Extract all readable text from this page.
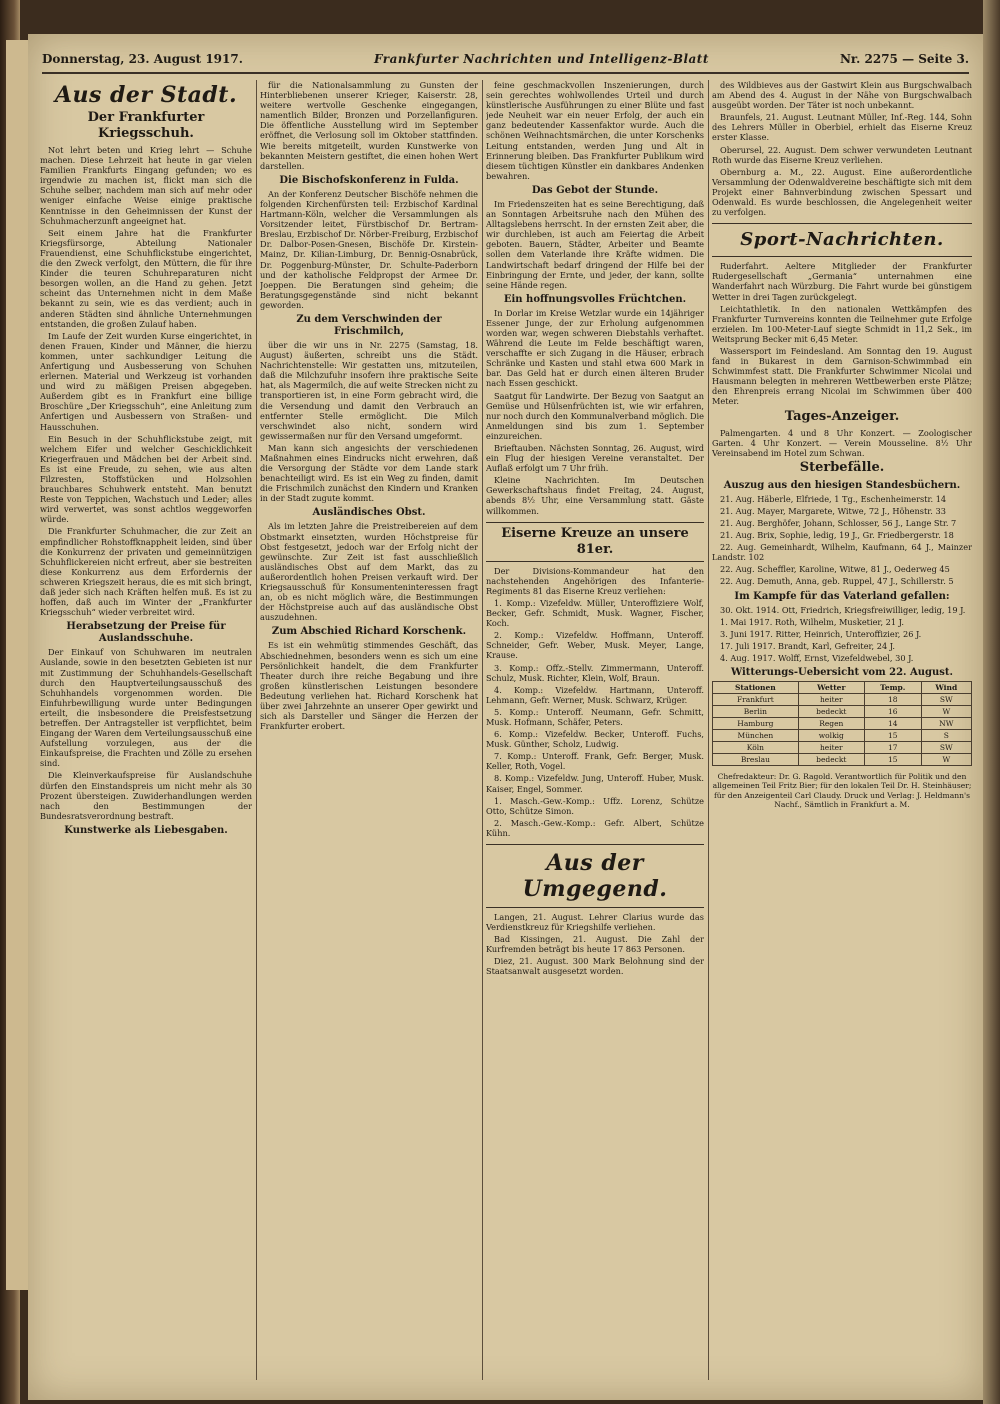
Donnerstag, 23. August 1917.	Frankfurter Nachrichten und Intelligenz-Blatt	Nr. 2275 — Seite 3.
Aus der Stadt.
Der Frankfurter Kriegsschuh.

Not lehrt beten und Krieg lehrt — Schuhe machen. Diese Lehrzeit hat heute in gar vielen Familien Frankfurts Eingang gefunden; wo es irgendwie zu machen ist, flickt man sich die Schuhe selber, nachdem man sich auf mehr oder weniger einfache Weise einige praktische Kenntnisse in den Geheimnissen der Kunst der Schuhmacherzunft angeeignet hat.

Seit einem Jahre hat die Frankfurter Kriegsfürsorge, Abteilung Nationaler Frauendienst, eine Schuhflickstube eingerichtet, die den Zweck verfolgt, den Müttern, die für ihre Kinder die teuren Schuhreparaturen nicht besorgen wollen, an die Hand zu gehen. Jetzt scheint das Unternehmen nicht in dem Maße bekannt zu sein, wie es das verdient; auch in anderen Städten sind ähnliche Unternehmungen entstanden, die großen Zulauf haben.

Im Laufe der Zeit wurden Kurse eingerichtet, in denen Frauen, Kinder und Männer, die hierzu kommen, unter sachkundiger Leitung die Anfertigung und Ausbesserung von Schuhen erlernen. Material und Werkzeug ist vorhanden und wird zu mäßigen Preisen abgegeben. Außerdem gibt es in Frankfurt eine billige Broschüre „Der Kriegsschuh“, eine Anleitung zum Anfertigen und Ausbessern von Straßen- und Hausschuhen.

Ein Besuch in der Schuhflickstube zeigt, mit welchem Eifer und welcher Geschicklichkeit Kriegerfrauen und Mädchen bei der Arbeit sind. Es ist eine Freude, zu sehen, wie aus alten Filzresten, Stoffstücken und Holzsohlen brauchbares Schuhwerk entsteht. Man benutzt Reste von Teppichen, Wachstuch und Leder; alles wird verwertet, was sonst achtlos weggeworfen würde.

Die Frankfurter Schuhmacher, die zur Zeit an empfindlicher Rohstoffknappheit leiden, sind über die Konkurrenz der privaten und gemeinnützigen Schuhflickereien nicht erfreut, aber sie bestreiten diese Konkurrenz aus dem Erfordernis der schweren Kriegszeit heraus, die es mit sich bringt, daß jeder sich nach Kräften helfen muß. Es ist zu hoffen, daß auch im Winter der „Frankfurter Kriegsschuh“ wieder verbreitet wird.

Herabsetzung der Preise für Auslandsschuhe.

Der Einkauf von Schuhwaren im neutralen Auslande, sowie in den besetzten Gebieten ist nur mit Zustimmung der Schuhhandels-Gesellschaft durch den Hauptverteilungsausschuß des Schuhhandels vorgenommen worden. Die Einfuhrbewilligung wurde unter Bedingungen erteilt, die insbesondere die Preisfestsetzung betreffen. Der Antragsteller ist verpflichtet, beim Eingang der Waren dem Verteilungsausschuß eine Aufstellung vorzulegen, aus der die Einkaufspreise, die Frachten und Zölle zu ersehen sind.

Die Kleinverkaufspreise für Auslandschuhe dürfen den Einstandspreis um nicht mehr als 30 Prozent übersteigen. Zuwiderhandlungen werden nach den Bestimmungen der Bundesratsverordnung bestraft.

Kunstwerke als Liebesgaben.

für die Nationalsammlung zu Gunsten der Hinterbliebenen unserer Krieger, Kaiserstr. 28, weitere wertvolle Geschenke eingegangen, namentlich Bilder, Bronzen und Porzellanfiguren. Die öffentliche Ausstellung wird im September eröffnet, die Verlosung soll im Oktober stattfinden. Wie bereits mitgeteilt, wurden Kunstwerke von bekannten Meistern gestiftet, die einen hohen Wert darstellen.

Die Bischofskonferenz in Fulda.

An der Konferenz Deutscher Bischöfe nehmen die folgenden Kirchenfürsten teil: Erzbischof Kardinal Hartmann-Köln, welcher die Versammlungen als Vorsitzender leitet, Fürstbischof Dr. Bertram-Breslau, Erzbischof Dr. Nörber-Freiburg, Erzbischof Dr. Dalbor-Posen-Gnesen, Bischöfe Dr. Kirstein-Mainz, Dr. Kilian-Limburg, Dr. Bennig-Osnabrück, Dr. Poggenburg-Münster, Dr. Schulte-Paderborn und der katholische Feldpropst der Armee Dr. Joeppen. Die Beratungen sind geheim; die Beratungsgegenstände sind nicht bekannt geworden.

Zu dem Verschwinden der Frischmilch,

über die wir uns in Nr. 2275 (Samstag, 18. August) äußerten, schreibt uns die Städt. Nachrichtenstelle: Wir gestatten uns, mitzuteilen, daß die Milchzufuhr insofern ihre praktische Seite hat, als Magermilch, die auf weite Strecken nicht zu transportieren ist, in eine Form gebracht wird, die die Versendung und damit den Verbrauch an entfernter Stelle ermöglicht. Die Milch verschwindet also nicht, sondern wird gewissermaßen nur für den Versand umgeformt.

Man kann sich angesichts der verschiedenen Maßnahmen eines Eindrucks nicht erwehren, daß die Versorgung der Städte vor dem Lande stark benachteiligt wird. Es ist ein Weg zu finden, damit die Frischmilch zunächst den Kindern und Kranken in der Stadt zugute kommt.

Ausländisches Obst.

Als im letzten Jahre die Preistreibereien auf dem Obstmarkt einsetzten, wurden Höchstpreise für Obst festgesetzt, jedoch war der Erfolg nicht der gewünschte. Zur Zeit ist fast ausschließlich ausländisches Obst auf dem Markt, das zu außerordentlich hohen Preisen verkauft wird. Der Kriegsausschuß für Konsumenteninteressen fragt an, ob es nicht möglich wäre, die Bestimmungen der Höchstpreise auch auf das ausländische Obst auszudehnen.

Zum Abschied Richard Korschenk.

Es ist ein wehmütig stimmendes Geschäft, das Abschiednehmen, besonders wenn es sich um eine Persönlichkeit handelt, die dem Frankfurter Theater durch ihre reiche Begabung und ihre großen künstlerischen Leistungen besondere Bedeutung verliehen hat. Richard Korschenk hat über zwei Jahrzehnte an unserer Oper gewirkt und sich als Darsteller und Sänger die Herzen der Frankfurter erobert.

feine geschmackvollen Inszenierungen, durch sein gerechtes wohlwollendes Urteil und durch künstlerische Ausführungen zu einer Blüte und fast jede Neuheit war ein neuer Erfolg, der auch ein ganz bedeutender Kassenfaktor wurde. Auch die schönen Weihnachtsmärchen, die unter Korschenks Leitung entstanden, werden Jung und Alt in Erinnerung bleiben. Das Frankfurter Publikum wird diesem tüchtigen Künstler ein dankbares Andenken bewahren.

Das Gebot der Stunde.

Im Friedenszeiten hat es seine Berechtigung, daß an Sonntagen Arbeitsruhe nach den Mühen des Alltagslebens herrscht. In der ernsten Zeit aber, die wir durchleben, ist auch am Feiertag die Arbeit geboten. Bauern, Städter, Arbeiter und Beamte sollen dem Vaterlande ihre Kräfte widmen. Die Landwirtschaft bedarf dringend der Hilfe bei der Einbringung der Ernte, und jeder, der kann, sollte seine Hände regen.

Ein hoffnungsvolles Früchtchen.

In Dorlar im Kreise Wetzlar wurde ein 14jähriger Essener Junge, der zur Erholung aufgenommen worden war, wegen schweren Diebstahls verhaftet. Während die Leute im Felde beschäftigt waren, verschaffte er sich Zugang in die Häuser, erbrach Schränke und Kasten und stahl etwa 600 Mark in bar. Das Geld hat er durch einen älteren Bruder nach Essen geschickt.

Saatgut für Landwirte. Der Bezug von Saatgut an Gemüse und Hülsenfrüchten ist, wie wir erfahren, nur noch durch den Kommunalverband möglich. Die Anmeldungen sind bis zum 1. September einzureichen.

Brieftauben. Nächsten Sonntag, 26. August, wird ein Flug der hiesigen Vereine veranstaltet. Der Auflaß erfolgt um 7 Uhr früh.

Kleine Nachrichten. Im Deutschen Gewerkschaftshaus findet Freitag, 24. August, abends 8½ Uhr, eine Versammlung statt. Gäste willkommen.

Eiserne Kreuze an unsere 81er.

Der Divisions-Kommandeur hat den nachstehenden Angehörigen des Infanterie-Regiments 81 das Eiserne Kreuz verliehen:

1. Komp.: Vizefeldw. Müller, Unteroffiziere Wolf, Becker, Gefr. Schmidt, Musk. Wagner, Fischer, Koch.

2. Komp.: Vizefeldw. Hoffmann, Unteroff. Schneider, Gefr. Weber, Musk. Meyer, Lange, Krause.

3. Komp.: Offz.-Stellv. Zimmermann, Unteroff. Schulz, Musk. Richter, Klein, Wolf, Braun.

4. Komp.: Vizefeldw. Hartmann, Unteroff. Lehmann, Gefr. Werner, Musk. Schwarz, Krüger.

5. Komp.: Unteroff. Neumann, Gefr. Schmitt, Musk. Hofmann, Schäfer, Peters.

6. Komp.: Vizefeldw. Becker, Unteroff. Fuchs, Musk. Günther, Scholz, Ludwig.

7. Komp.: Unteroff. Frank, Gefr. Berger, Musk. Keller, Roth, Vogel.

8. Komp.: Vizefeldw. Jung, Unteroff. Huber, Musk. Kaiser, Engel, Sommer.

1. Masch.-Gew.-Komp.: Uffz. Lorenz, Schütze Otto, Schütze Simon.

2. Masch.-Gew.-Komp.: Gefr. Albert, Schütze Kühn.

Aus der Umgegend.

Langen, 21. August. Lehrer Clarius wurde das Verdienstkreuz für Kriegshilfe verliehen.

Bad Kissingen, 21. August. Die Zahl der Kurfremden beträgt bis heute 17 863 Personen.

Diez, 21. August. 300 Mark Belohnung sind der Staatsanwalt ausgesetzt worden.

des Wildbieves aus der Gastwirt Klein aus Burgschwalbach am Abend des 4. August in der Nähe von Burgschwalbach ausgeübt worden. Der Täter ist noch unbekannt.

Braunfels, 21. August. Leutnant Müller, Inf.-Reg. 144, Sohn des Lehrers Müller in Oberbiel, erhielt das Eiserne Kreuz erster Klasse.

Oberursel, 22. August. Dem schwer verwundeten Leutnant Roth wurde das Eiserne Kreuz verliehen.

Obernburg a. M., 22. August. Eine außerordentliche Versammlung der Odenwaldvereine beschäftigte sich mit dem Projekt einer Bahnverbindung zwischen Spessart und Odenwald. Es wurde beschlossen, die Angelegenheit weiter zu verfolgen.

Sport-Nachrichten.

Ruderfahrt. Aeltere Mitglieder der Frankfurter Rudergesellschaft „Germania“ unternahmen eine Wanderfahrt nach Würzburg. Die Fahrt wurde bei günstigem Wetter in drei Tagen zurückgelegt.

Leichtathletik. In den nationalen Wettkämpfen des Frankfurter Turnvereins konnten die Teilnehmer gute Erfolge erzielen. Im 100-Meter-Lauf siegte Schmidt in 11,2 Sek., im Weitsprung Becker mit 6,45 Meter.

Wassersport im Feindesland. Am Sonntag den 19. August fand in Bukarest in dem Garnison-Schwimmbad ein Schwimmfest statt. Die Frankfurter Schwimmer Nicolai und Hausmann belegten in mehreren Wettbewerben erste Plätze; den Ehrenpreis errang Nicolai im Schwimmen über 400 Meter.

Tages-Anzeiger.

Palmengarten. 4 und 8 Uhr Konzert. — Zoologischer Garten. 4 Uhr Konzert. — Verein Mousseline. 8½ Uhr Vereinsabend im Hotel zum Schwan.

Sterbefälle.
Auszug aus den hiesigen Standesbüchern.

21. Aug. Häberle, Elfriede, 1 Tg., Eschenheimerstr. 14

21. Aug. Mayer, Margarete, Witwe, 72 J., Höhenstr. 33

21. Aug. Berghöfer, Johann, Schlosser, 56 J., Lange Str. 7

21. Aug. Brix, Sophie, ledig, 19 J., Gr. Friedbergerstr. 18

22. Aug. Gemeinhardt, Wilhelm, Kaufmann, 64 J., Mainzer Landstr. 102

22. Aug. Scheffler, Karoline, Witwe, 81 J., Oederweg 45

22. Aug. Demuth, Anna, geb. Ruppel, 47 J., Schillerstr. 5

Im Kampfe für das Vaterland gefallen:

30. Okt. 1914. Ott, Friedrich, Kriegsfreiwilliger, ledig, 19 J.

1. Mai 1917. Roth, Wilhelm, Musketier, 21 J.

3. Juni 1917. Ritter, Heinrich, Unteroffizier, 26 J.

17. Juli 1917. Brandt, Karl, Gefreiter, 24 J.

4. Aug. 1917. Wolff, Ernst, Vizefeldwebel, 30 J.

Witterungs-Uebersicht vom 22. August.
Stationen	Wetter	Temp.	Wind
Frankfurt	heiter	18	SW
Berlin	bedeckt	16	W
Hamburg	Regen	14	NW
München	wolkig	15	S
Köln	heiter	17	SW
Breslau	bedeckt	15	W
Chefredakteur: Dr. G. Ragold. Verantwortlich für Politik und den allgemeinen Teil Fritz Bier; für den lokalen Teil Dr. H. Steinhäuser; für den Anzeigenteil Carl Claudy. Druck und Verlag: J. Heldmann's Nachf., Sämtlich in Frankfurt a. M.
